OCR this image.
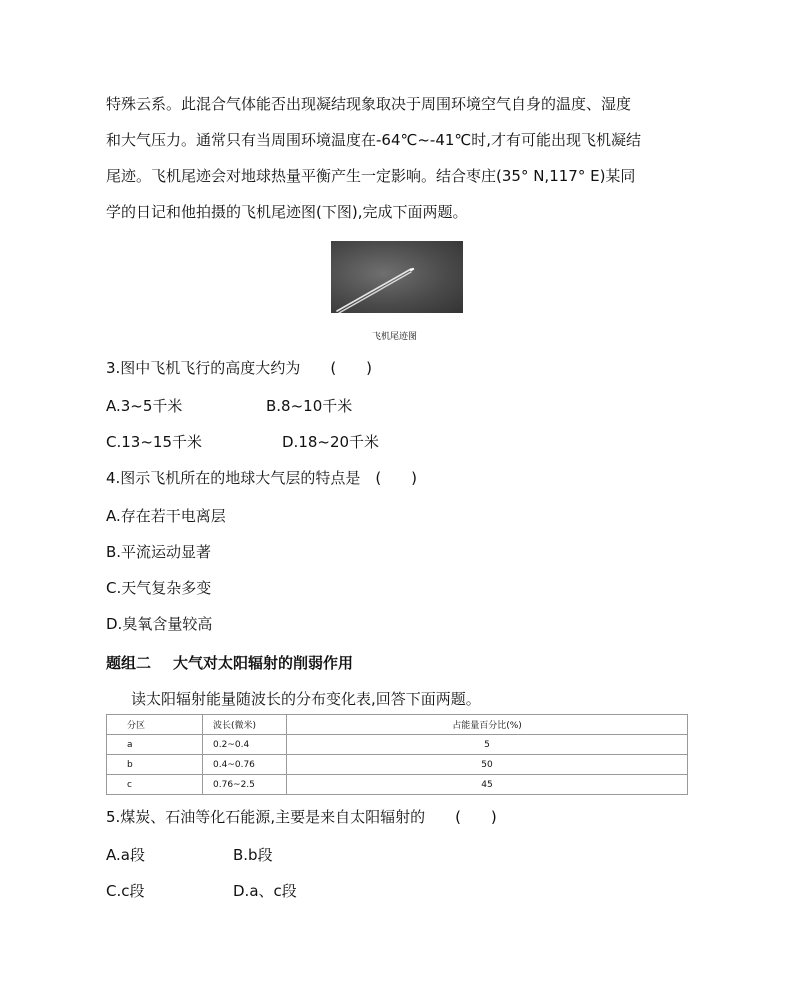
特殊云系。此混合气体能否出现凝结现象取决于周围环境空气自身的温度、湿度
和大气压力。通常只有当周围环境温度在-64℃~-41℃时,才有可能出现飞机凝结
尾迹。飞机尾迹会对地球热量平衡产生一定影响。结合枣庄(35° N,117° E)某同
学的日记和他拍摄的飞机尾迹图(下图),完成下面两题。
飞机尾迹图
3.图中飞机飞行的高度大约为　　(　　)
A.3~5千米	B.8~10千米
C.13~15千米	D.18~20千米
4.图示飞机所在的地球大气层的特点是　(　　)
A.存在若干电离层
B.平流运动显著
C.天气复杂多变
D.臭氧含量较高
题组二 大气对太阳辐射的削弱作用
读太阳辐射能量随波长的分布变化表,回答下面两题。
分区	波长(微米)	占能量百分比(%)
a	0.2~0.4	5
b	0.4~0.76	50
c	0.76~2.5	45
5.煤炭、石油等化石能源,主要是来自太阳辐射的　　(　　)
A.a段	B.b段
C.c段	D.a、c段
